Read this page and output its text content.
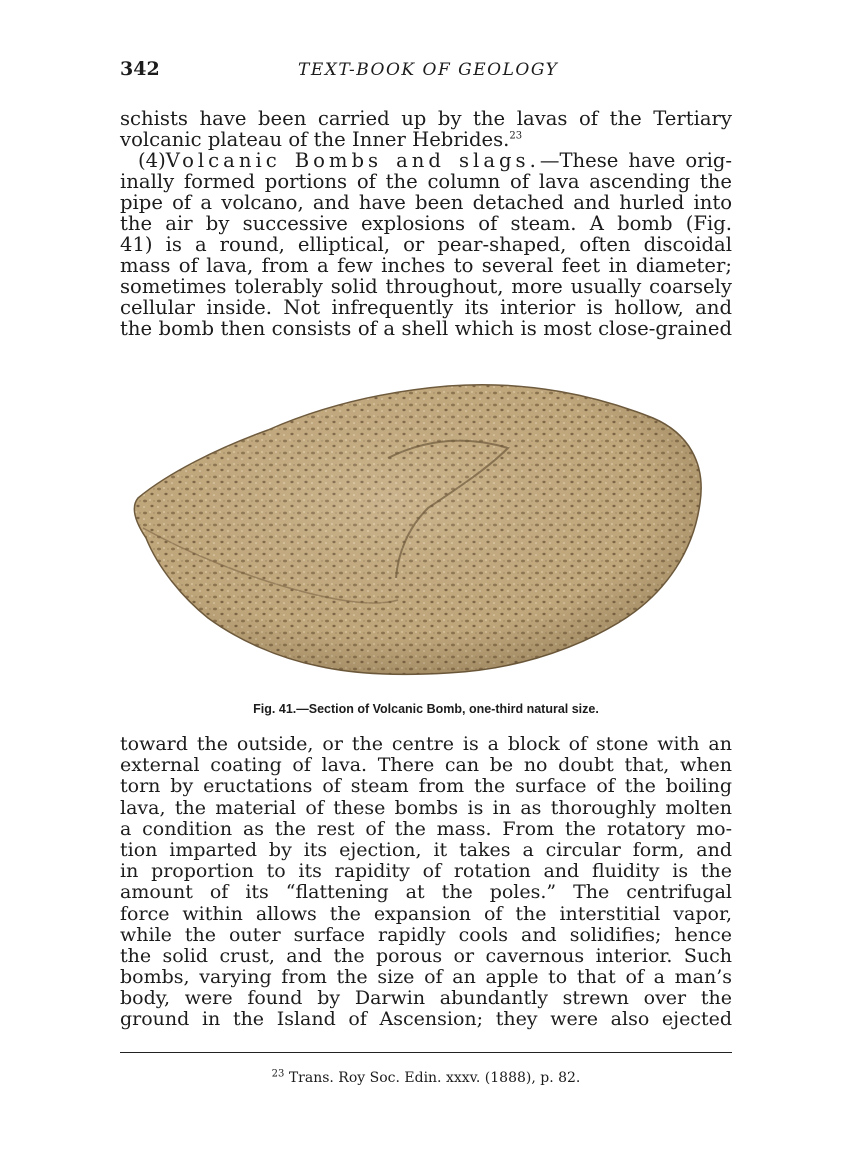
342	TEXT-BOOK OF GEOLOGY
schists have been carried up by the lavas of the Tertiary
volcanic plateau of the Inner Hebrides.$^{23}$
(4)Volcanic Bombs and slags.—These have orig-
inally formed portions of the column of lava ascending the
pipe of a volcano, and have been detached and hurled into
the air by successive explosions of steam. A bomb (Fig.
41) is a round, elliptical, or pear-shaped, often discoidal
mass of lava, from a few inches to several feet in diameter;
sometimes tolerably solid throughout, more usually coarsely
cellular inside. Not infrequently its interior is hollow, and
the bomb then consists of a shell which is most close-grained
Fig. 41.—Section of Volcanic Bomb, one-third natural size.
toward the outside, or the centre is a block of stone with an
external coating of lava. There can be no doubt that, when
torn by eructations of steam from the surface of the boiling
lava, the material of these bombs is in as thoroughly molten
a condition as the rest of the mass. From the rotatory mo-
tion imparted by its ejection, it takes a circular form, and
in proportion to its rapidity of rotation and fluidity is the
amount of its “flattening at the poles.” The centrifugal
force within allows the expansion of the interstitial vapor,
while the outer surface rapidly cools and solidifies; hence
the solid crust, and the porous or cavernous interior. Such
bombs, varying from the size of an apple to that of a man’s
body, were found by Darwin abundantly strewn over the
ground in the Island of Ascension; they were also ejected
$^{23}$ Trans. Roy Soc. Edin. xxxv. (1888), p. 82.
